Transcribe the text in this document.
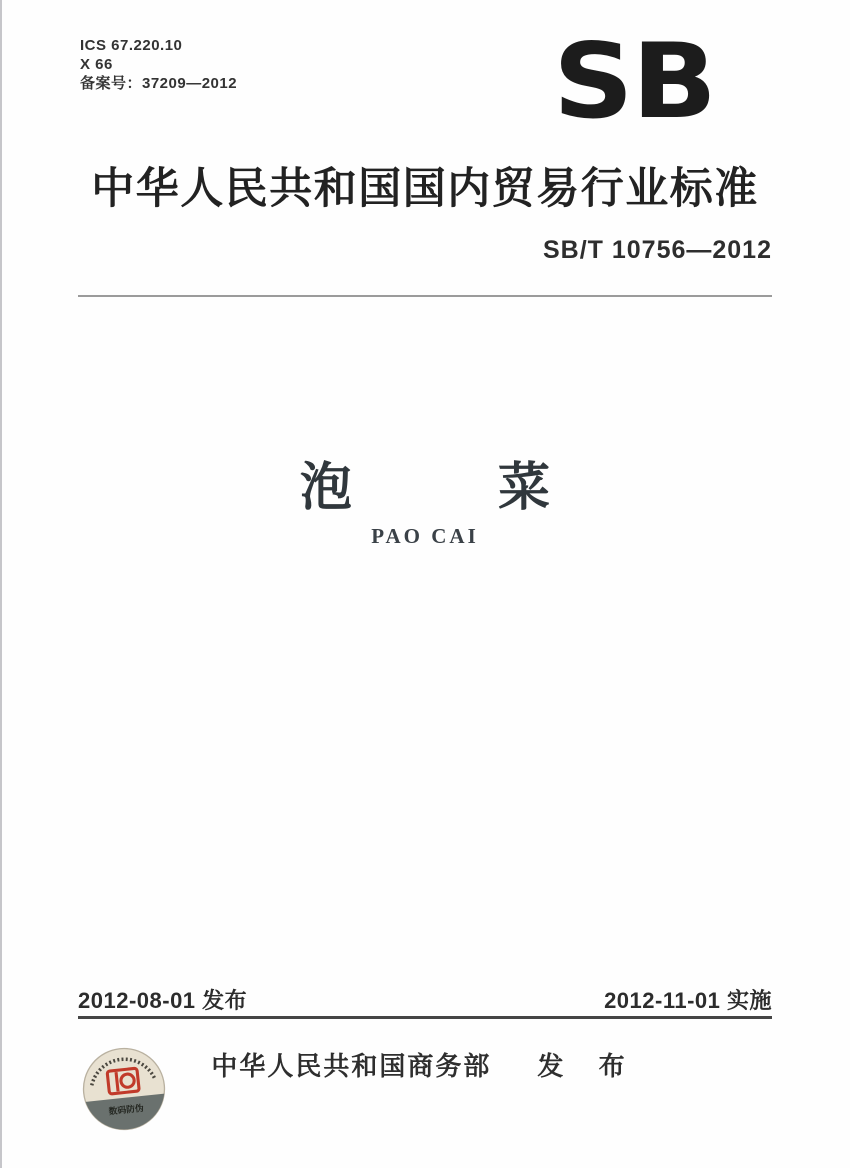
ICS 67.220.10
X 66
备案号：37209—2012	SB
中华人民共和国国内贸易行业标准
SB/T 10756—2012
泡	菜
PAO CAI
2012-08-01 发布	2012-11-01 实施
中华人民共和国商务部 发 布
数码防伪
